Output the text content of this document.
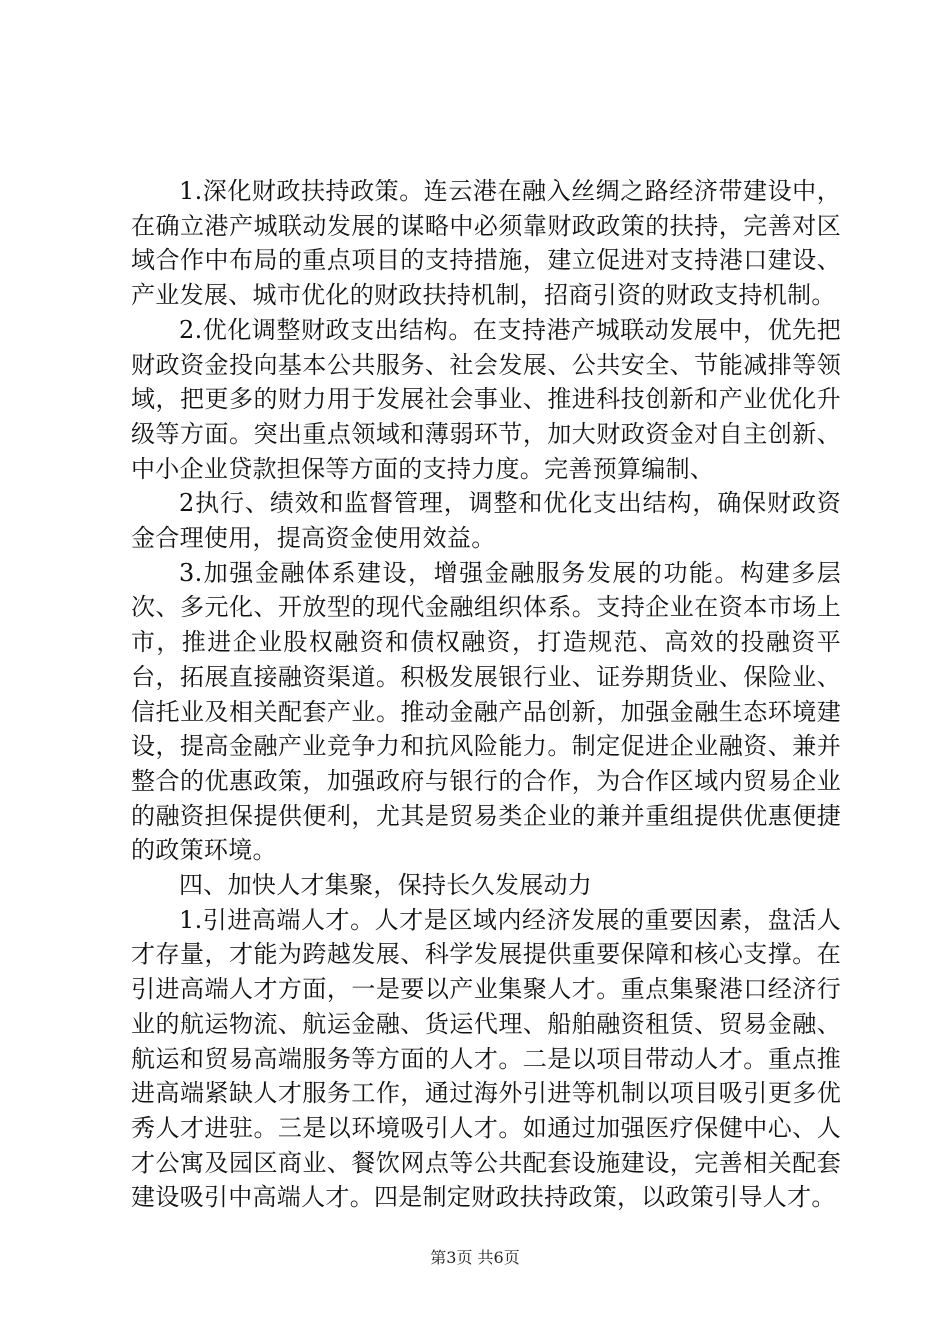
1.深化财政扶持政策。连云港在融入丝绸之路经济带建设中，在确立港产城联动发展的谋略中必须靠财政政策的扶持，完善对区域合作中布局的重点项目的支持措施，建立促进对支持港口建设、产业发展、城市优化的财政扶持机制，招商引资的财政支持机制。

2.优化调整财政支出结构。在支持港产城联动发展中，优先把财政资金投向基本公共服务、社会发展、公共安全、节能减排等领域，把更多的财力用于发展社会事业、推进科技创新和产业优化升级等方面。突出重点领域和薄弱环节，加大财政资金对自主创新、中小企业贷款担保等方面的支持力度。完善预算编制、

2执行、绩效和监督管理，调整和优化支出结构，确保财政资金合理使用，提高资金使用效益。

3.加强金融体系建设，增强金融服务发展的功能。构建多层次、多元化、开放型的现代金融组织体系。支持企业在资本市场上市，推进企业股权融资和债权融资，打造规范、高效的投融资平台，拓展直接融资渠道。积极发展银行业、证券期货业、保险业、信托业及相关配套产业。推动金融产品创新，加强金融生态环境建设，提高金融产业竞争力和抗风险能力。制定促进企业融资、兼并整合的优惠政策，加强政府与银行的合作，为合作区域内贸易企业的融资担保提供便利，尤其是贸易类企业的兼并重组提供优惠便捷的政策环境。

四、加快人才集聚，保持长久发展动力

1.引进高端人才。人才是区域内经济发展的重要因素，盘活人才存量，才能为跨越发展、科学发展提供重要保障和核心支撑。在引进高端人才方面，一是要以产业集聚人才。重点集聚港口经济行业的航运物流、航运金融、货运代理、船舶融资租赁、贸易金融、航运和贸易高端服务等方面的人才。二是以项目带动人才。重点推进高端紧缺人才服务工作，通过海外引进等机制以项目吸引更多优秀人才进驻。三是以环境吸引人才。如通过加强医疗保健中心、人才公寓及园区商业、餐饮网点等公共配套设施建设，完善相关配套建设吸引中高端人才。四是制定财政扶持政策，以政策引导人才。

第3页 共6页
